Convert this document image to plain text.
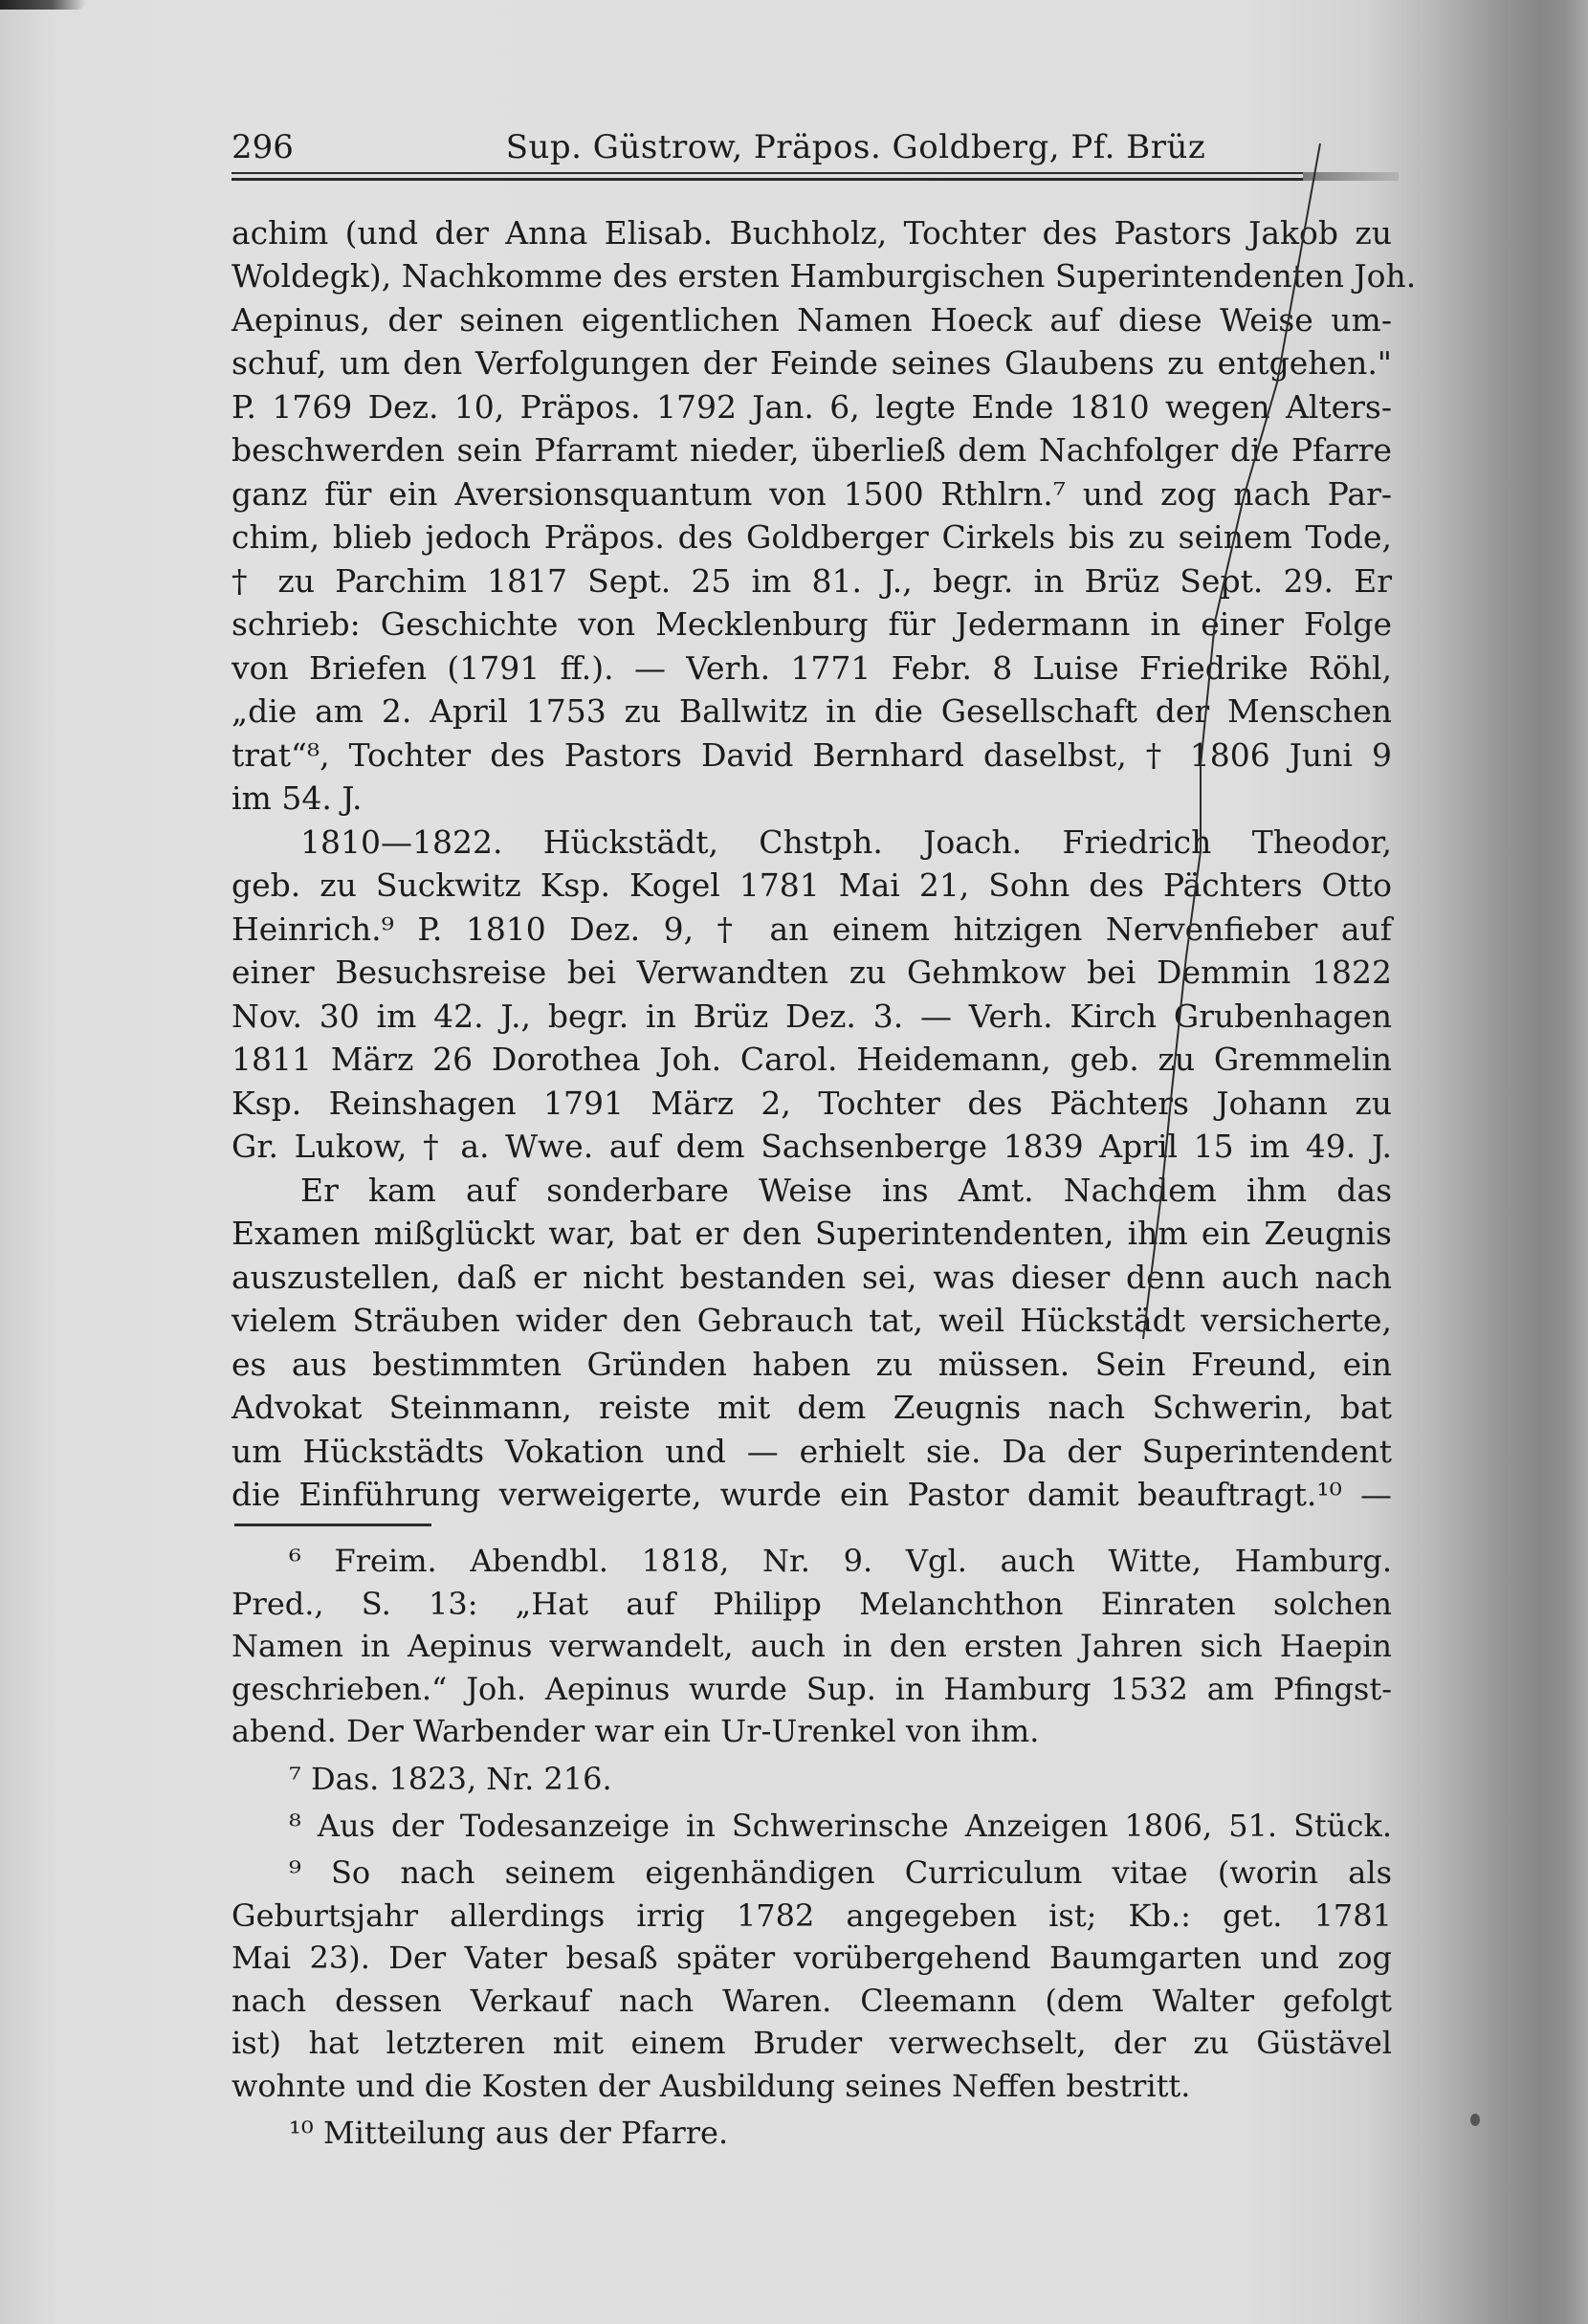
296	Sup. Güstrow, Präpos. Goldberg, Pf. Brüz
achim (und der Anna Elisab. Buchholz, Tochter des Pastors Jakob zu
Woldegk), Nachkomme des ersten Hamburgischen Superintendenten Joh.
Aepinus, der seinen eigentlichen Namen Hoeck auf diese Weise um-
schuf, um den Verfolgungen der Feinde seines Glaubens zu entgehen."
P. 1769 Dez. 10, Präpos. 1792 Jan. 6, legte Ende 1810 wegen Alters-
beschwerden sein Pfarramt nieder, überließ dem Nachfolger die Pfarre
ganz für ein Aversionsquantum von 1500 Rthlrn.⁷ und zog nach Par-
chim, blieb jedoch Präpos. des Goldberger Cirkels bis zu seinem Tode,
† zu Parchim 1817 Sept. 25 im 81. J., begr. in Brüz Sept. 29. Er
schrieb: Geschichte von Mecklenburg für Jedermann in einer Folge
von Briefen (1791 ff.). — Verh. 1771 Febr. 8 Luise Friedrike Röhl,
„die am 2. April 1753 zu Ballwitz in die Gesellschaft der Menschen
trat“⁸, Tochter des Pastors David Bernhard daselbst, † 1806 Juni 9
im 54. J.
1810—1822. Hückstädt, Chstph. Joach. Friedrich Theodor,
geb. zu Suckwitz Ksp. Kogel 1781 Mai 21, Sohn des Pächters Otto
Heinrich.⁹ P. 1810 Dez. 9, † an einem hitzigen Nervenfieber auf
einer Besuchsreise bei Verwandten zu Gehmkow bei Demmin 1822
Nov. 30 im 42. J., begr. in Brüz Dez. 3. — Verh. Kirch Grubenhagen
1811 März 26 Dorothea Joh. Carol. Heidemann, geb. zu Gremmelin
Ksp. Reinshagen 1791 März 2, Tochter des Pächters Johann zu
Gr. Lukow, † a. Wwe. auf dem Sachsenberge 1839 April 15 im 49. J.
Er kam auf sonderbare Weise ins Amt. Nachdem ihm das
Examen mißglückt war, bat er den Superintendenten, ihm ein Zeugnis
auszustellen, daß er nicht bestanden sei, was dieser denn auch nach
vielem Sträuben wider den Gebrauch tat, weil Hückstädt versicherte,
es aus bestimmten Gründen haben zu müssen. Sein Freund, ein
Advokat Steinmann, reiste mit dem Zeugnis nach Schwerin, bat
um Hückstädts Vokation und — erhielt sie. Da der Superintendent
die Einführung verweigerte, wurde ein Pastor damit beauftragt.¹⁰ —
⁶ Freim. Abendbl. 1818, Nr. 9. Vgl. auch Witte, Hamburg.
Pred., S. 13: „Hat auf Philipp Melanchthon Einraten solchen
Namen in Aepinus verwandelt, auch in den ersten Jahren sich Haepin
geschrieben.“ Joh. Aepinus wurde Sup. in Hamburg 1532 am Pfingst-
abend. Der Warbender war ein Ur-Urenkel von ihm.
⁷ Das. 1823, Nr. 216.
⁸ Aus der Todesanzeige in Schwerinsche Anzeigen 1806, 51. Stück.
⁹ So nach seinem eigenhändigen Curriculum vitae (worin als
Geburtsjahr allerdings irrig 1782 angegeben ist; Kb.: get. 1781
Mai 23). Der Vater besaß später vorübergehend Baumgarten und zog
nach dessen Verkauf nach Waren. Cleemann (dem Walter gefolgt
ist) hat letzteren mit einem Bruder verwechselt, der zu Güstävel
wohnte und die Kosten der Ausbildung seines Neffen bestritt.
¹⁰ Mitteilung aus der Pfarre.
